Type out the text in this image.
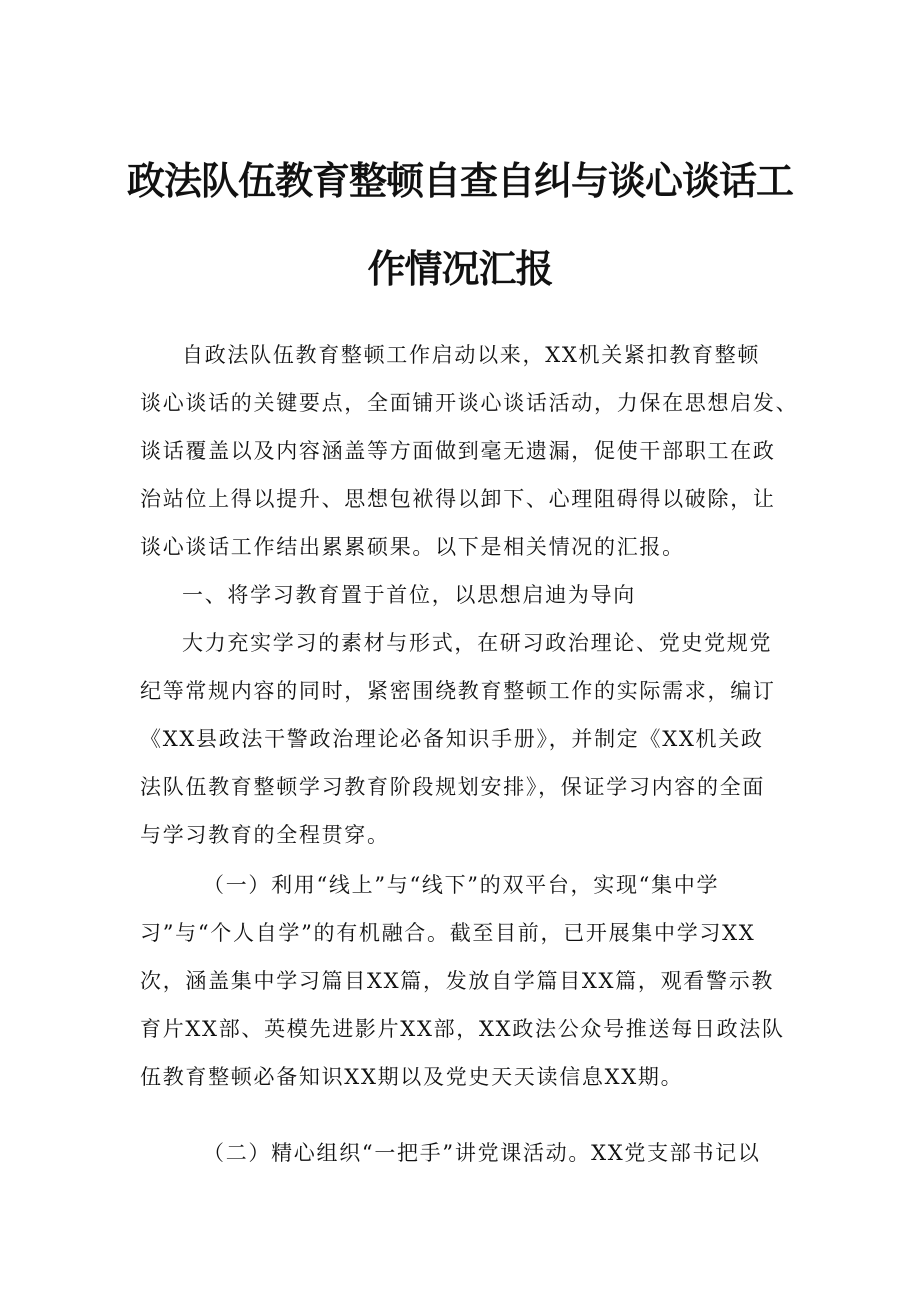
政法队伍教育整顿自查自纠与谈心谈话工
作情况汇报

自政法队伍教育整顿工作启动以来，XX机关紧扣教育整顿

谈心谈话的关键要点，全面铺开谈心谈话活动，力保在思想启发、

谈话覆盖以及内容涵盖等方面做到毫无遗漏，促使干部职工在政

治站位上得以提升、思想包袱得以卸下、心理阻碍得以破除，让

谈心谈话工作结出累累硕果。以下是相关情况的汇报。

一、将学习教育置于首位，以思想启迪为导向

大力充实学习的素材与形式，在研习政治理论、党史党规党

纪等常规内容的同时，紧密围绕教育整顿工作的实际需求，编订

《XX县政法干警政治理论必备知识手册》，并制定《XX机关政

法队伍教育整顿学习教育阶段规划安排》，保证学习内容的全面

与学习教育的全程贯穿。

（一）利用“线上”与“线下”的双平台，实现“集中学

习”与“个人自学”的有机融合。截至目前，已开展集中学习XX

次，涵盖集中学习篇目XX篇，发放自学篇目XX篇，观看警示教

育片XX部、英模先进影片XX部，XX政法公众号推送每日政法队

伍教育整顿必备知识XX期以及党史天天读信息XX期。

（二）精心组织“一把手”讲党课活动。XX党支部书记以
